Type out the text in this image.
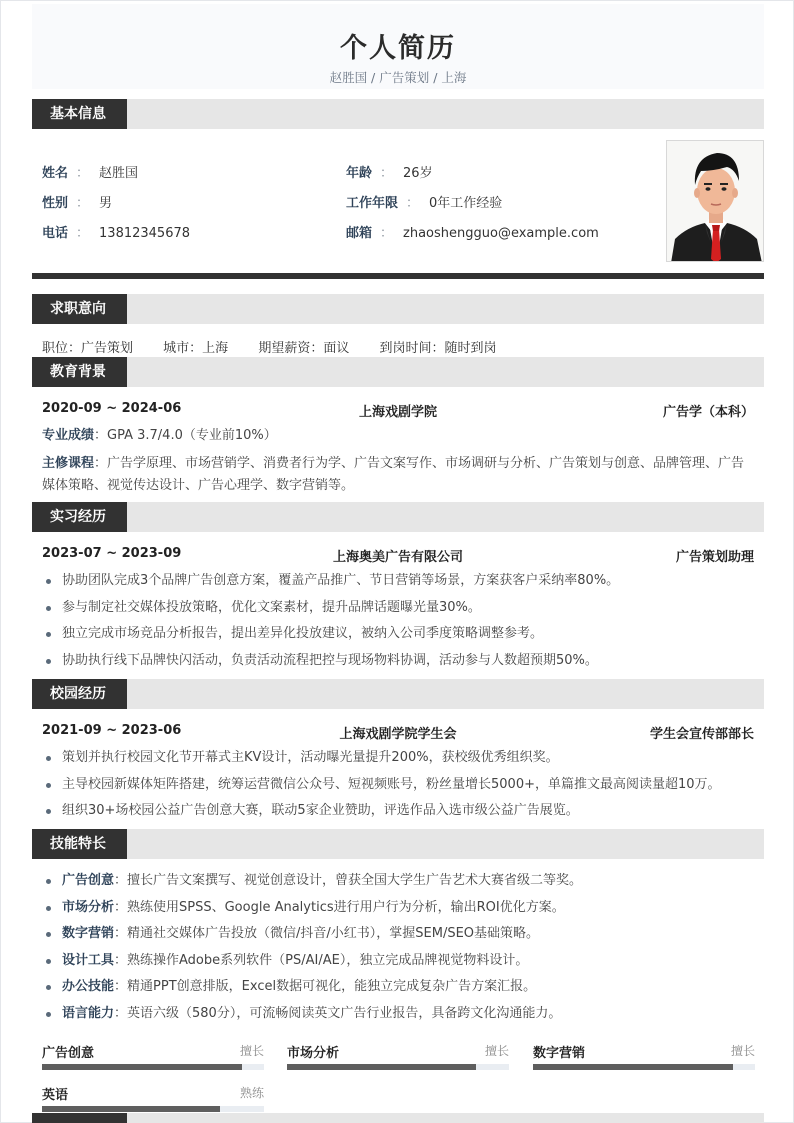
个人简历
赵胜国 / 广告策划 / 上海
基本信息
姓名 ： 赵胜国
性别 ： 男
电话 ： 13812345678
年龄 ： 26岁
工作年限 ： 0年工作经验
邮箱 ： zhaoshengguo@example.com
求职意向
职位：广告策划 城市：上海 期望薪资：面议 到岗时间：随时到岗
教育背景
2020-09 ~ 2024-06	上海戏剧学院	广告学（本科）
专业成绩：GPA 3.7/4.0（专业前10%）
主修课程：广告学原理、市场营销学、消费者行为学、广告文案写作、市场调研与分析、广告策划与创意、品牌管理、广告媒体策略、视觉传达设计、广告心理学、数字营销等。
实习经历
2023-07 ~ 2023-09	上海奥美广告有限公司	广告策划助理
协助团队完成3个品牌广告创意方案，覆盖产品推广、节日营销等场景，方案获客户采纳率80%。
参与制定社交媒体投放策略，优化文案素材，提升品牌话题曝光量30%。
独立完成市场竞品分析报告，提出差异化投放建议，被纳入公司季度策略调整参考。
协助执行线下品牌快闪活动，负责活动流程把控与现场物料协调，活动参与人数超预期50%。
校园经历
2021-09 ~ 2023-06	上海戏剧学院学生会	学生会宣传部部长
策划并执行校园文化节开幕式主KV设计，活动曝光量提升200%，获校级优秀组织奖。
主导校园新媒体矩阵搭建，统筹运营微信公众号、短视频账号，粉丝量增长5000+，单篇推文最高阅读量超10万。
组织30+场校园公益广告创意大赛，联动5家企业赞助，评选作品入选市级公益广告展览。
技能特长
广告创意：擅长广告文案撰写、视觉创意设计，曾获全国大学生广告艺术大赛省级二等奖。
市场分析：熟练使用SPSS、Google Analytics进行用户行为分析，输出ROI优化方案。
数字营销：精通社交媒体广告投放（微信/抖音/小红书），掌握SEM/SEO基础策略。
设计工具：熟练操作Adobe系列软件（PS/AI/AE），独立完成品牌视觉物料设计。
办公技能：精通PPT创意排版，Excel数据可视化，能独立完成复杂广告方案汇报。
语言能力：英语六级（580分），可流畅阅读英文广告行业报告，具备跨文化沟通能力。
广告创意	擅长 市场分析	擅长 数字营销	擅长
英语	熟练
